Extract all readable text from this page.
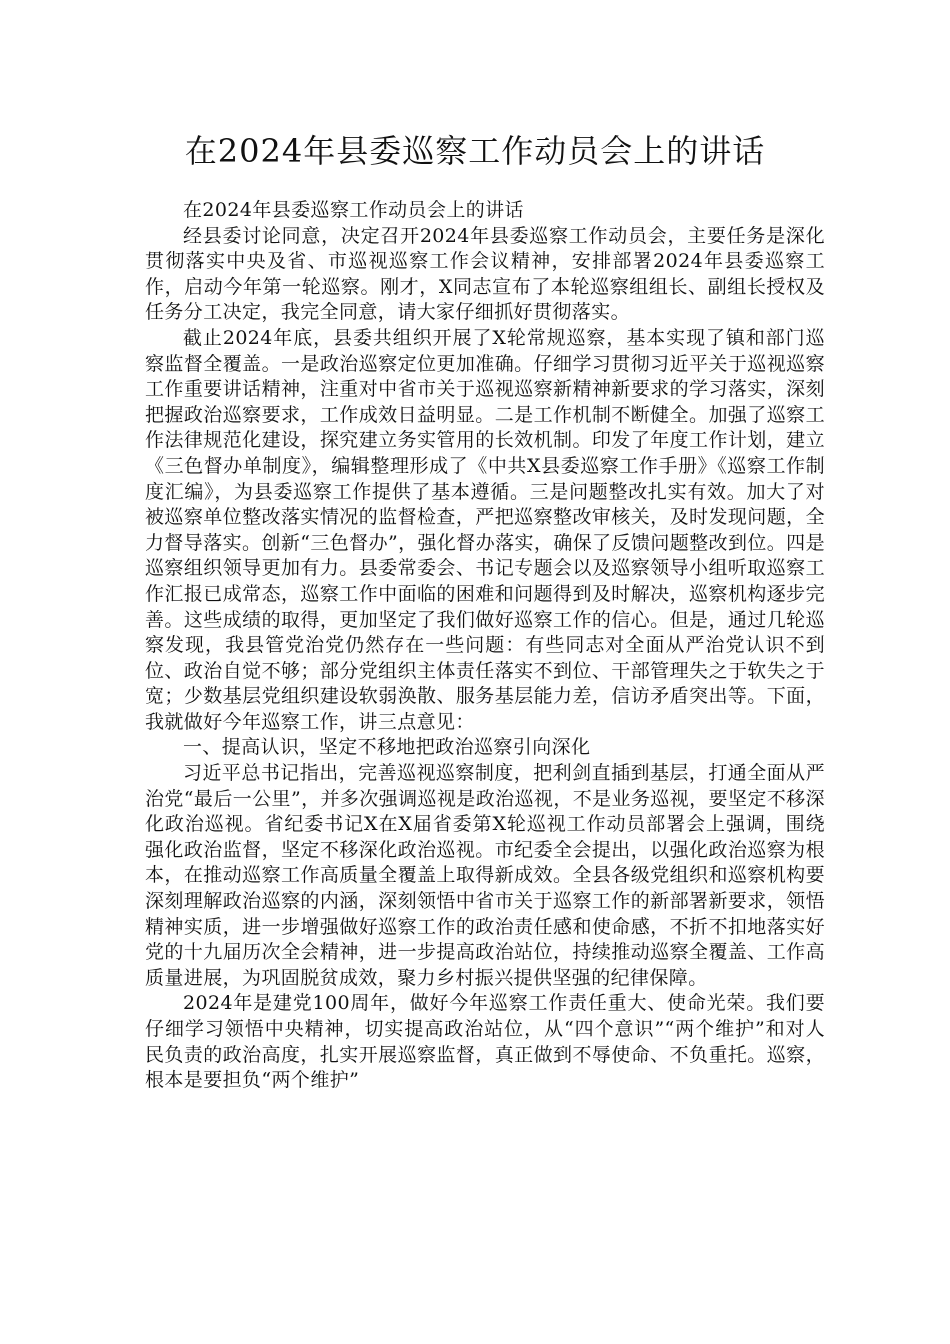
在2024年县委巡察工作动员会上的讲话

在2024年县委巡察工作动员会上的讲话

经县委讨论同意，决定召开2024年县委巡察工作动员会，主要任务是深化贯彻落实中央及省、市巡视巡察工作会议精神，安排部署2024年县委巡察工作，启动今年第一轮巡察。刚才，X同志宣布了本轮巡察组组长、副组长授权及任务分工决定，我完全同意，请大家仔细抓好贯彻落实。

截止2024年底，县委共组织开展了X轮常规巡察，基本实现了镇和部门巡察监督全覆盖。一是政治巡察定位更加准确。仔细学习贯彻习近平关于巡视巡察工作重要讲话精神，注重对中省市关于巡视巡察新精神新要求的学习落实，深刻把握政治巡察要求，工作成效日益明显。二是工作机制不断健全。加强了巡察工作法律规范化建设，探究建立务实管用的长效机制。印发了年度工作计划，建立《三色督办单制度》，编辑整理形成了《中共X县委巡察工作手册》《巡察工作制度汇编》，为县委巡察工作提供了基本遵循。三是问题整改扎实有效。加大了对被巡察单位整改落实情况的监督检查，严把巡察整改审核关，及时发现问题，全力督导落实。创新“三色督办”，强化督办落实，确保了反馈问题整改到位。四是巡察组织领导更加有力。县委常委会、书记专题会以及巡察领导小组听取巡察工作汇报已成常态，巡察工作中面临的困难和问题得到及时解决，巡察机构逐步完善。这些成绩的取得，更加坚定了我们做好巡察工作的信心。但是，通过几轮巡察发现，我县管党治党仍然存在一些问题：有些同志对全面从严治党认识不到位、政治自觉不够；部分党组织主体责任落实不到位、干部管理失之于软失之于宽；少数基层党组织建设软弱涣散、服务基层能力差，信访矛盾突出等。下面，我就做好今年巡察工作，讲三点意见：

一、提高认识，坚定不移地把政治巡察引向深化

习近平总书记指出，完善巡视巡察制度，把利剑直插到基层，打通全面从严治党“最后一公里”，并多次强调巡视是政治巡视，不是业务巡视，要坚定不移深化政治巡视。省纪委书记X在X届省委第X轮巡视工作动员部署会上强调，围绕强化政治监督，坚定不移深化政治巡视。市纪委全会提出，以强化政治巡察为根本，在推动巡察工作高质量全覆盖上取得新成效。全县各级党组织和巡察机构要深刻理解政治巡察的内涵，深刻领悟中省市关于巡察工作的新部署新要求，领悟精神实质，进一步增强做好巡察工作的政治责任感和使命感，不折不扣地落实好党的十九届历次全会精神，进一步提高政治站位，持续推动巡察全覆盖、工作高质量进展，为巩固脱贫成效，聚力乡村振兴提供坚强的纪律保障。

2024年是建党100周年，做好今年巡察工作责任重大、使命光荣。我们要仔细学习领悟中央精神，切实提高政治站位，从“四个意识”“两个维护”和对人民负责的政治高度，扎实开展巡察监督，真正做到不辱使命、不负重托。巡察，根本是要担负“两个维护”
